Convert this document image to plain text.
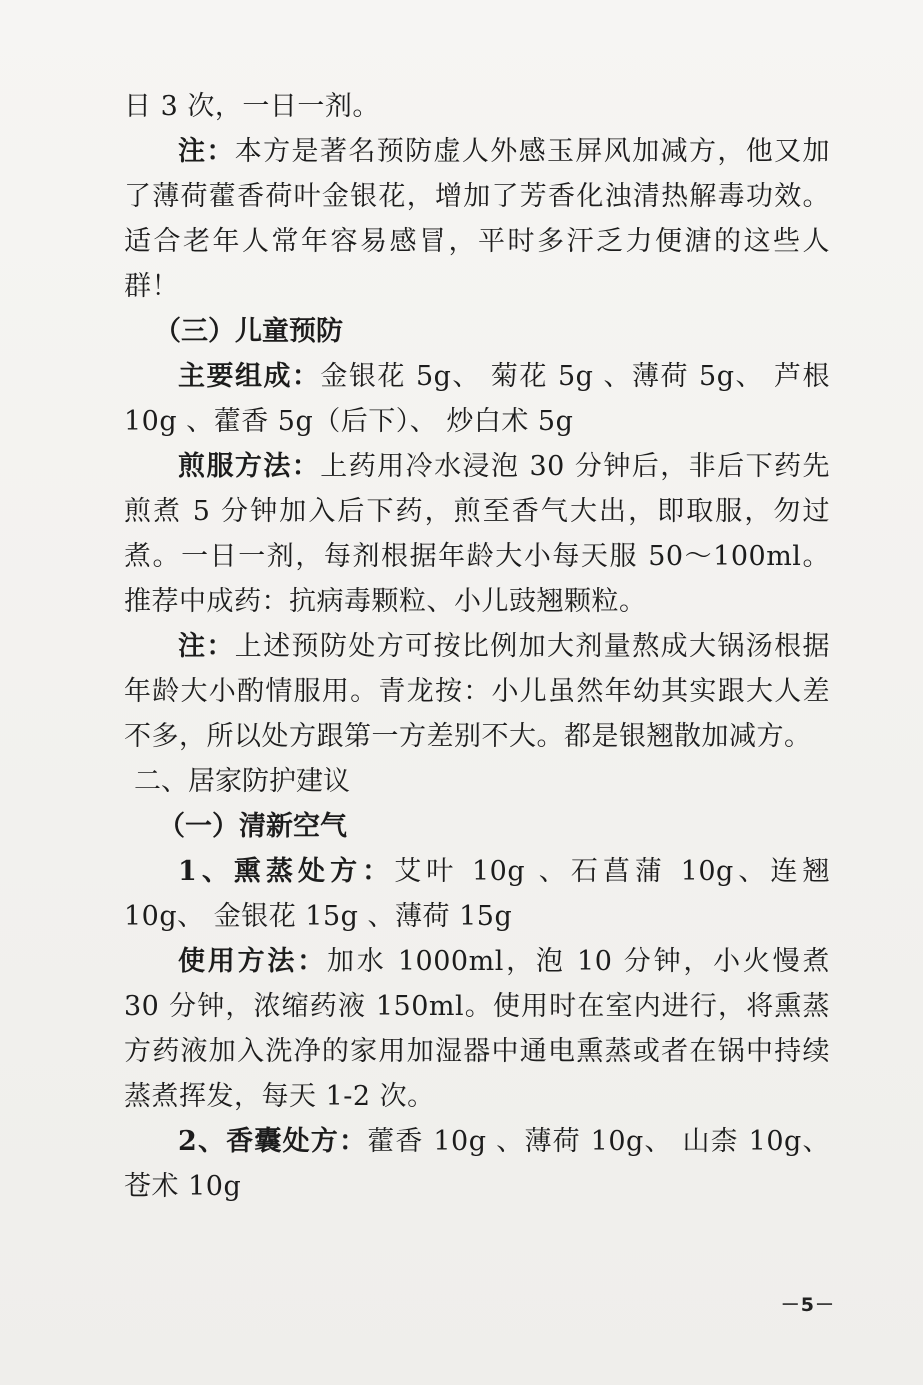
日 3 次，一日一剂。

注：本方是著名预防虚人外感玉屏风加减方，他又加了薄荷藿香荷叶金银花，增加了芳香化浊清热解毒功效。适合老年人常年容易感冒，平时多汗乏力便溏的这些人群！

（三）儿童预防

主要组成：金银花 5g、 菊花 5g 、薄荷 5g、 芦根 10g 、藿香 5g（后下）、 炒白术 5g

煎服方法：上药用冷水浸泡 30 分钟后，非后下药先煎煮 5 分钟加入后下药，煎至香气大出，即取服，勿过煮。一日一剂，每剂根据年龄大小每天服 50～100ml。推荐中成药：抗病毒颗粒、小儿豉翘颗粒。

注：上述预防处方可按比例加大剂量熬成大锅汤根据年龄大小酌情服用。青龙按：小儿虽然年幼其实跟大人差不多，所以处方跟第一方差别不大。都是银翘散加减方。

二、居家防护建议

（一）清新空气

1、熏蒸处方：艾叶 10g 、石菖蒲 10g、连翘 10g、 金银花 15g 、薄荷 15g

使用方法：加水 1000ml，泡 10 分钟，小火慢煮 30 分钟，浓缩药液 150ml。使用时在室内进行，将熏蒸方药液加入洗净的家用加湿器中通电熏蒸或者在锅中持续蒸煮挥发，每天 1-2 次。

2、香囊处方：藿香 10g 、薄荷 10g、 山柰 10g、 苍术 10g

－5－
